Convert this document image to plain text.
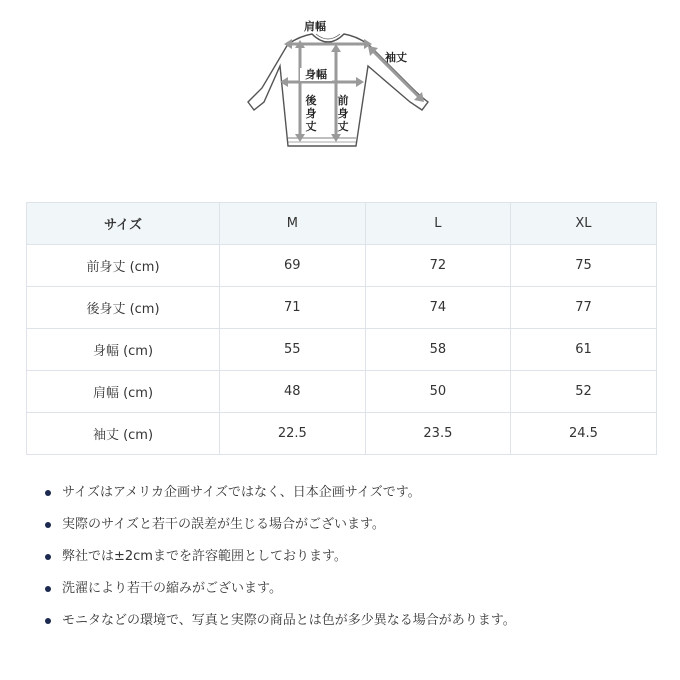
肩幅
袖丈
身幅
後
身
丈
前
身
丈
サイズ	M	L	XL
前身丈 (cm)	69	72	75
後身丈 (cm)	71	74	77
身幅 (cm)	55	58	61
肩幅 (cm)	48	50	52
袖丈 (cm)	22.5	23.5	24.5
サイズはアメリカ企画サイズではなく、日本企画サイズです。
実際のサイズと若干の誤差が生じる場合がございます。
弊社では±2cmまでを許容範囲としております。
洗濯により若干の縮みがございます。
モニタなどの環境で、写真と実際の商品とは色が多少異なる場合があります。
